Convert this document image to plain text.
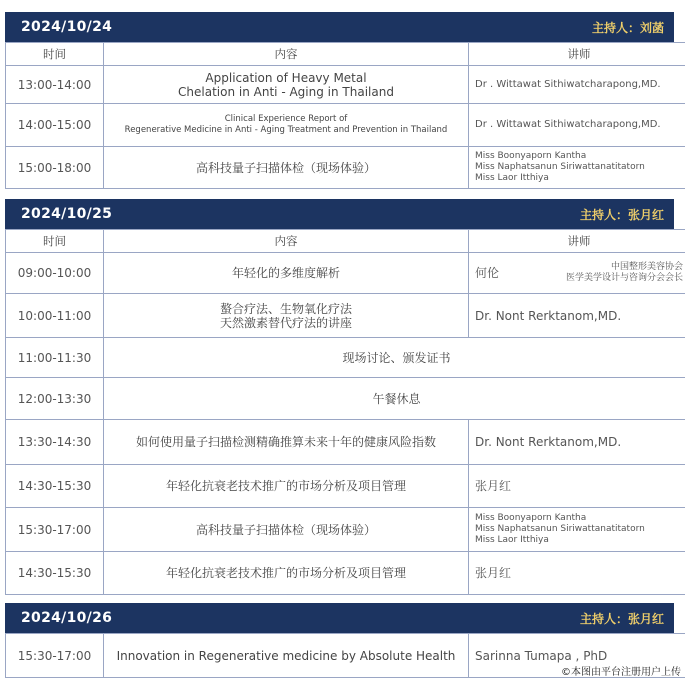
2024/10/24	主持人：刘菡
时间	内容	讲师
13:00-14:00	Application of Heavy Metal
Chelation in Anti - Aging in Thailand	Dr . Wittawat Sithiwatcharapong,MD.

14:00-15:00	Clinical Experience Report of
Regenerative Medicine in Anti - Aging Treatment and Prevention in Thailand	Dr . Wittawat Sithiwatcharapong,MD.

15:00-18:00	高科技量子扫描体检（现场体验）	Miss Boonyaporn Kantha
Miss Naphatsanun Siriwattanatitatorn
Miss Laor Itthiya
2024/10/25	主持人：张月红
时间	内容	讲师
09:00-10:00	年轻化的多维度解析	何伦 中国整形美容协会
医学美学设计与咨询分会会长

10:00-11:00	螯合疗法、生物氧化疗法
天然激素替代疗法的讲座	Dr. Nont Rerktanom,MD.

11:00-11:30	现场讨论、颁发证书	

12:00-13:30	午餐休息	

13:30-14:30	如何使用量子扫描检测精确推算未来十年的健康风险指数	Dr. Nont Rerktanom,MD.

14:30-15:30	年轻化抗衰老技术推广的市场分析及项目管理	张月红

15:30-17:00	高科技量子扫描体检（现场体验）	Miss Boonyaporn Kantha
Miss Naphatsanun Siriwattanatitatorn
Miss Laor Itthiya

14:30-15:30	年轻化抗衰老技术推广的市场分析及项目管理	张月红
2024/10/26	主持人：张月红
15:30-17:00	Innovation in Regenerative medicine by Absolute Health	Sarinna Tumapa , PhD
©本图由平台注册用户上传
